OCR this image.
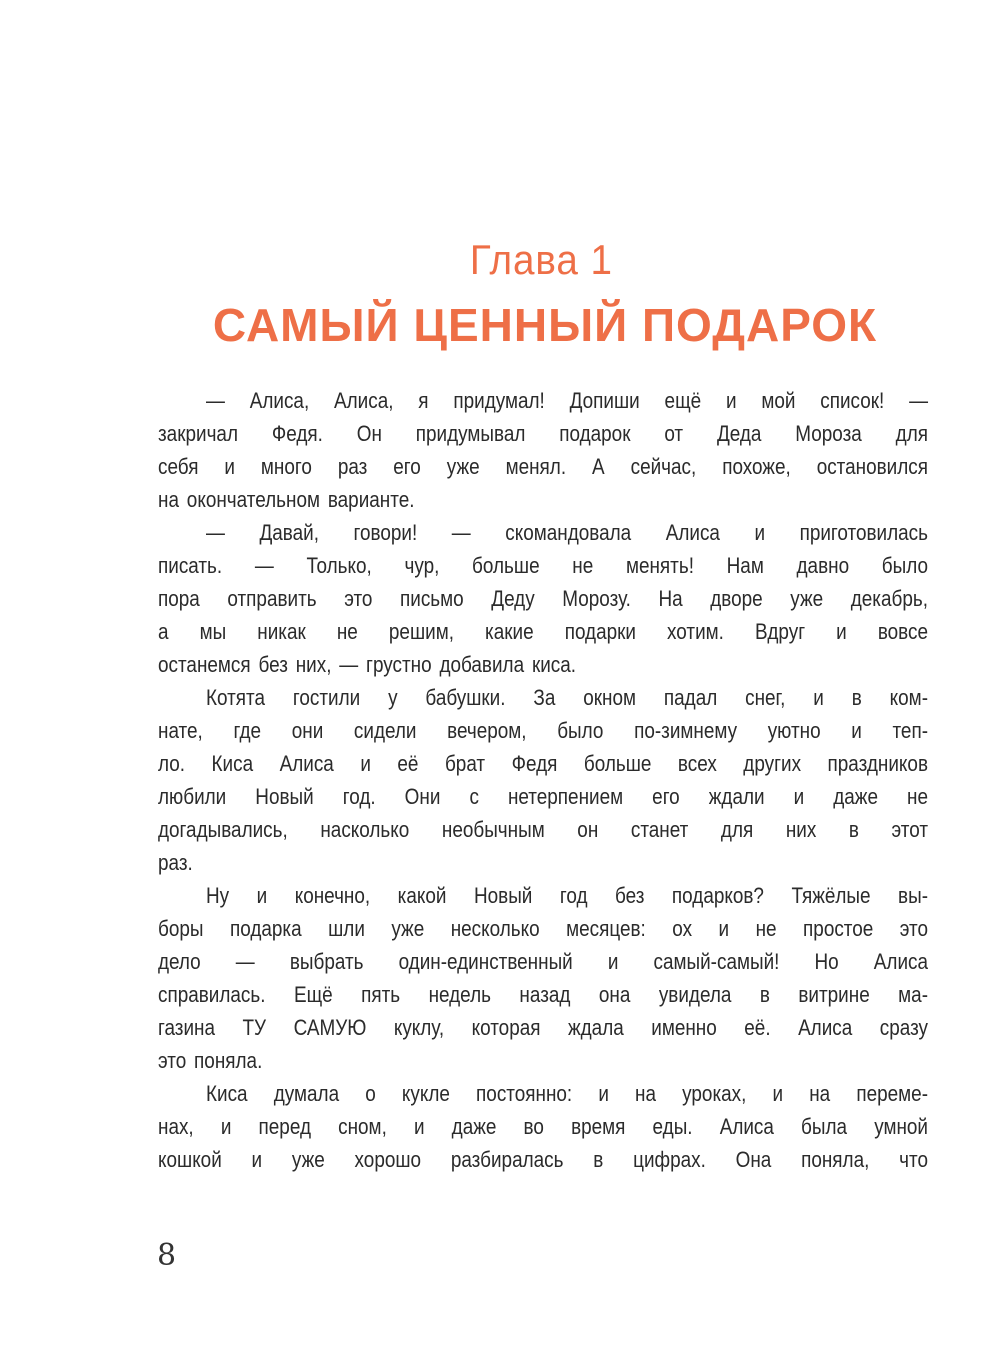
Глава 1
САМЫЙ ЦЕННЫЙ ПОДАРОК
— Алиса, Алиса, я придумал! Допиши ещё и мой список! —
закричал Федя. Он придумывал подарок от Деда Мороза для
себя и много раз его уже менял. А сейчас, похоже, остановился
на окончательном варианте.
— Давай, говори! — скомандовала Алиса и приготовилась
писать. — Только, чур, больше не менять! Нам давно было
пора отправить это письмо Деду Морозу. На дворе уже декабрь,
а мы никак не решим, какие подарки хотим. Вдруг и вовсе
останемся без них, — грустно добавила киса.
Котята гостили у бабушки. За окном падал снег, и в ком-
нате, где они сидели вечером, было по-зимнему уютно и теп-
ло. Киса Алиса и её брат Федя больше всех других праздников
любили Новый год. Они с нетерпением его ждали и даже не
догадывались, насколько необычным он станет для них в этот
раз.
Ну и конечно, какой Новый год без подарков? Тяжёлые вы-
боры подарка шли уже несколько месяцев: ох и не простое это
дело — выбрать один-единственный и самый-самый! Но Алиса
справилась. Ещё пять недель назад она увидела в витрине ма-
газина ТУ САМУЮ куклу, которая ждала именно её. Алиса сразу
это поняла.
Киса думала о кукле постоянно: и на уроках, и на переме-
нах, и перед сном, и даже во время еды. Алиса была умной
кошкой и уже хорошо разбиралась в цифрах. Она поняла, что
8
